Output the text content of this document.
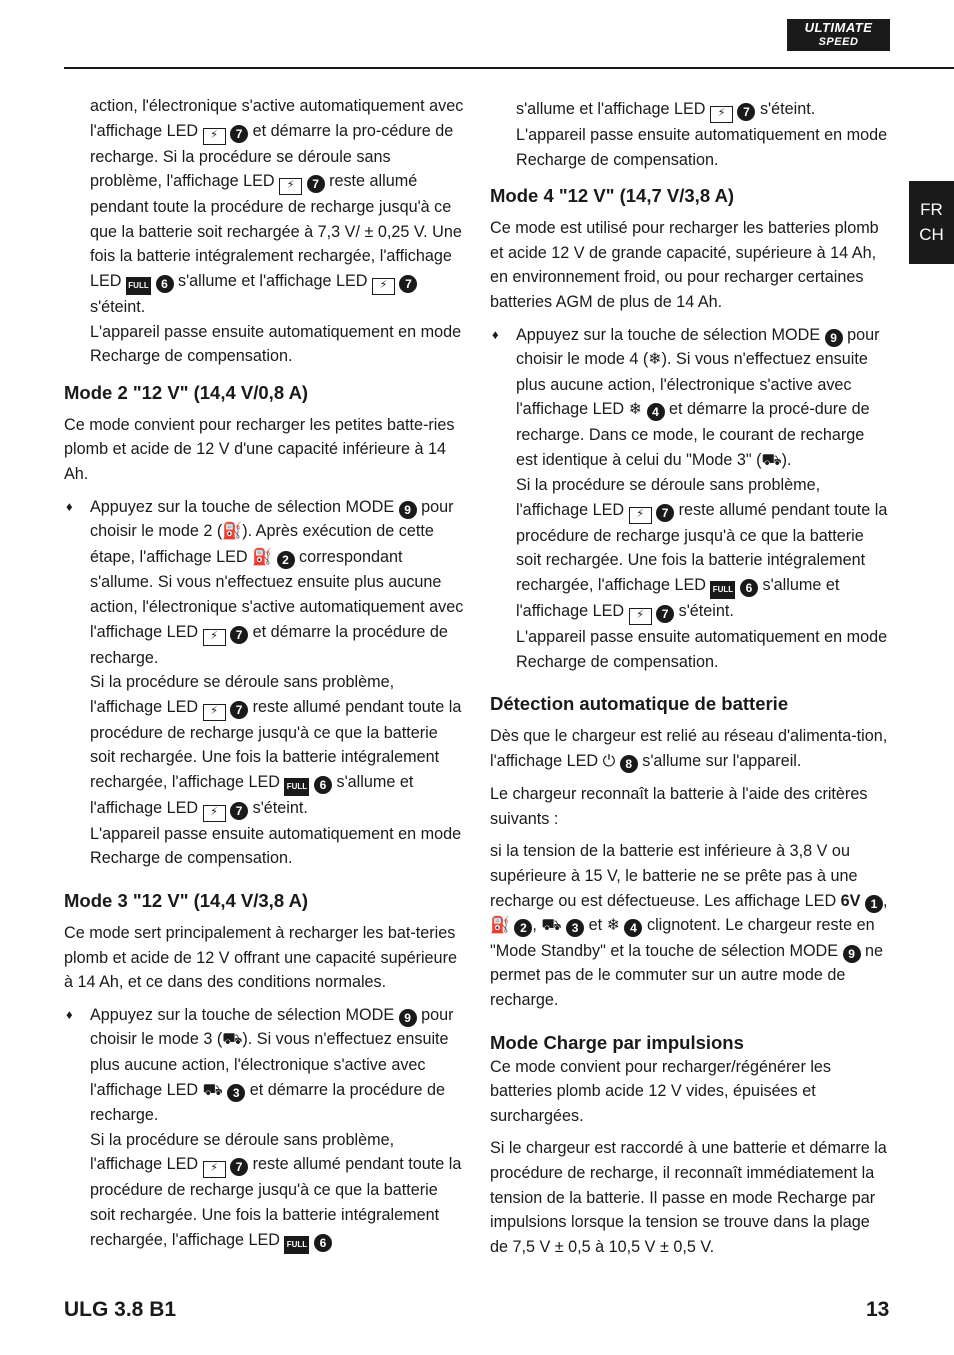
ULTIMATE
SPEED
FR
CH

action, l'électronique s'active automatiquement avec l'affichage LED ⚡ 7 et démarre la pro-cédure de recharge. Si la procédure se déroule sans problème, l'affichage LED ⚡ 7 reste allumé pendant toute la procédure de recharge jusqu'à ce que la batterie soit rechargée à 7,3 V/ ± 0,25 V. Une fois la batterie intégralement rechargée, l'affichage LED FULL 6 s'allume et l'affichage LED ⚡ 7 s'éteint.
L'appareil passe ensuite automatiquement en mode Recharge de compensation.

Mode 2 "12 V" (14,4 V/0,8 A)

Ce mode convient pour recharger les petites batte-ries plomb et acide de 12 V d'une capacité inférieure à 14 Ah.

♦ Appuyez sur la touche de sélection MODE 9 pour choisir le mode 2 (⛽). Après exécution de cette étape, l'affichage LED ⛽ 2 correspondant s'allume. Si vous n'effectuez ensuite plus aucune action, l'électronique s'active automatiquement avec l'affichage LED ⚡ 7 et démarre la procédure de recharge.
Si la procédure se déroule sans problème, l'affichage LED ⚡ 7 reste allumé pendant toute la procédure de recharge jusqu'à ce que la batterie soit rechargée. Une fois la batterie intégralement rechargée, l'affichage LED FULL 6 s'allume et l'affichage LED ⚡ 7 s'éteint.
L'appareil passe ensuite automatiquement en mode Recharge de compensation.

Mode 3 "12 V" (14,4 V/3,8 A)

Ce mode sert principalement à recharger les bat-teries plomb et acide de 12 V offrant une capacité supérieure à 14 Ah, et ce dans des conditions normales.

♦ Appuyez sur la touche de sélection MODE 9 pour choisir le mode 3 (⛟). Si vous n'effectuez ensuite plus aucune action, l'électronique s'active avec l'affichage LED ⛟ 3 et démarre la procédure de recharge.
Si la procédure se déroule sans problème, l'affichage LED ⚡ 7 reste allumé pendant toute la procédure de recharge jusqu'à ce que la batterie soit rechargée. Une fois la batterie intégralement rechargée, l'affichage LED FULL 6

s'allume et l'affichage LED ⚡ 7 s'éteint.
L'appareil passe ensuite automatiquement en mode Recharge de compensation.

Mode 4 "12 V" (14,7 V/3,8 A)

Ce mode est utilisé pour recharger les batteries plomb et acide 12 V de grande capacité, supérieure à 14 Ah, en environnement froid, ou pour recharger certaines batteries AGM de plus de 14 Ah.

♦ Appuyez sur la touche de sélection MODE 9 pour choisir le mode 4 (❄). Si vous n'effectuez ensuite plus aucune action, l'électronique s'active avec l'affichage LED ❄ 4 et démarre la procé-dure de recharge. Dans ce mode, le courant de recharge est identique à celui du "Mode 3" (⛟).
Si la procédure se déroule sans problème, l'affichage LED ⚡ 7 reste allumé pendant toute la procédure de recharge jusqu'à ce que la batterie soit rechargée. Une fois la batterie intégralement rechargée, l'affichage LED FULL 6 s'allume et l'affichage LED ⚡ 7 s'éteint.
L'appareil passe ensuite automatiquement en mode Recharge de compensation.

Détection automatique de batterie

Dès que le chargeur est relié au réseau d'alimenta-tion, l'affichage LED ⏻ 8 s'allume sur l'appareil.

Le chargeur reconnaît la batterie à l'aide des critères suivants :

si la tension de la batterie est inférieure à 3,8 V ou supérieure à 15 V, le batterie ne se prête pas à une recharge ou est défectueuse. Les affichage LED 6V 1 , ⛽ 2 , ⛟ 3 et ❄ 4 clignotent. Le chargeur reste en "Mode Standby" et la touche de sélection MODE 9 ne permet pas de le commuter sur un autre mode de recharge.

Mode Charge par impulsions

Ce mode convient pour recharger/régénérer les batteries plomb acide 12 V vides, épuisées et surchargées.

Si le chargeur est raccordé à une batterie et démarre la procédure de recharge, il reconnaît immédiatement la tension de la batterie. Il passe en mode Recharge par impulsions lorsque la tension se trouve dans la plage de 7,5 V ± 0,5 à 10,5 V ± 0,5 V.

ULG 3.8 B1	13
